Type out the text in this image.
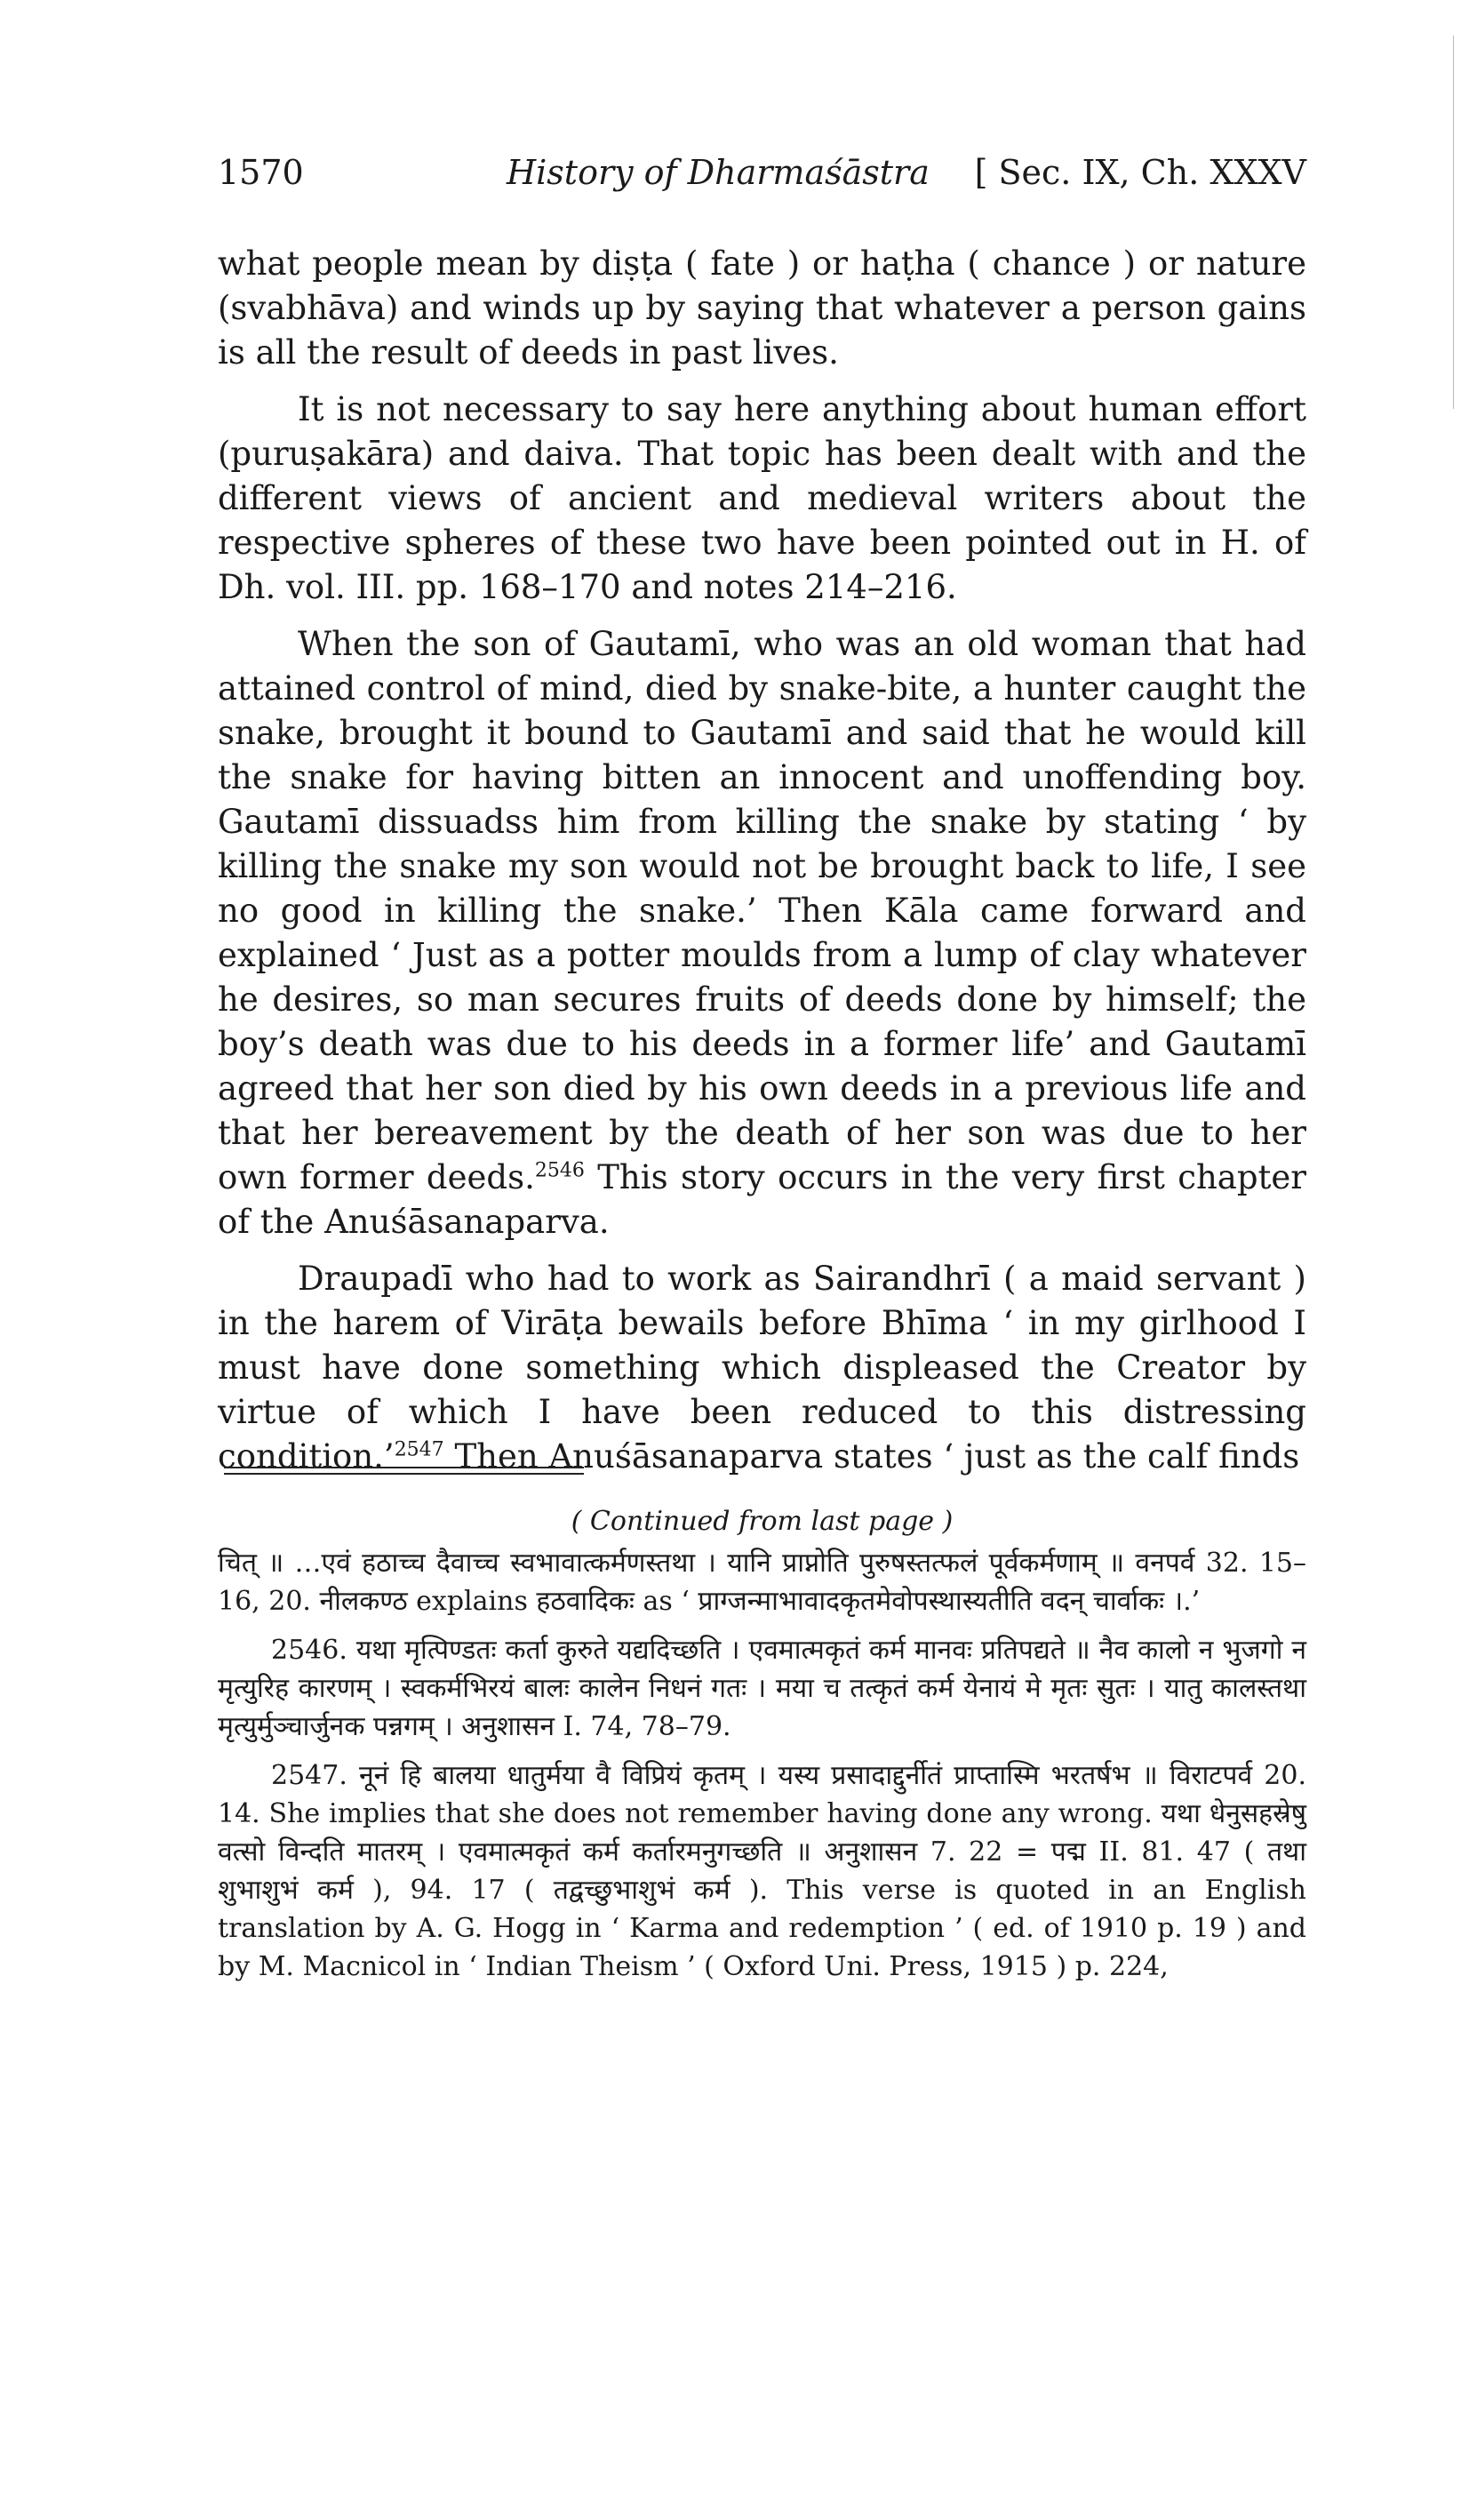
1570	History of Dharmaśāstra [ Sec. IX, Ch. XXXV

what people mean by diṣṭa ( fate ) or haṭha ( chance ) or nature (svabhāva) and winds up by saying that whatever a person gains is all the result of deeds in past lives.

It is not necessary to say here anything about human effort (puruṣakāra) and daiva. That topic has been dealt with and the different views of ancient and medieval writers about the respective spheres of these two have been pointed out in H. of Dh. vol. III. pp. 168–170 and notes 214–216.

When the son of Gautamī, who was an old woman that had attained control of mind, died by snake-bite, a hunter caught the snake, brought it bound to Gautamī and said that he would kill the snake for having bitten an innocent and unoffending boy. Gautamī dissuadss him from killing the snake by stating ‘ by killing the snake my son would not be brought back to life, I see no good in killing the snake.’ Then Kāla came forward and explained ‘ Just as a potter moulds from a lump of clay whatever he desires, so man secures fruits of deeds done by himself; the boy’s death was due to his deeds in a former life’ and Gautamī agreed that her son died by his own deeds in a previous life and that her bereavement by the death of her son was due to her own former deeds.$^{2546}$ This story occurs in the very first chapter of the Anuśāsanaparva.

Draupadī who had to work as Sairandhrī ( a maid servant ) in the harem of Virāṭa bewails before Bhīma ‘ in my girlhood I must have done something which displeased the Creator by virtue of which I have been reduced to this distressing condition.’$^{2547}$ Then Anuśāsanaparva states ‘ just as the calf finds

( Continued from last page )

चित् ॥ …एवं हठाच्च दैवाच्च स्वभावात्कर्मणस्तथा । यानि प्राप्नोति पुरुषस्तत्फलं पूर्वकर्मणाम् ॥ वनपर्व 32. 15–16, 20. नीलकण्ठ explains हठवादिकः as ‘ प्राग्जन्माभावादकृतमेवोपस्थास्यतीति वदन् चार्वाकः ।.’

2546. यथा मृत्पिण्डतः कर्ता कुरुते यद्यदिच्छति । एवमात्मकृतं कर्म मानवः प्रतिपद्यते ॥ नैव कालो न भुजगो न मृत्युरिह कारणम् । स्वकर्मभिरयं बालः कालेन निधनं गतः । मया च तत्कृतं कर्म येनायं मे मृतः सुतः । यातु कालस्तथा मृत्युर्मुञ्चार्जुनक पन्नगम् । अनुशासन I. 74, 78–79.

2547. नूनं हि बालया धातुर्मया वै विप्रियं कृतम् । यस्य प्रसादाद्दुर्नीतं प्राप्तास्मि भरतर्षभ ॥ विराटपर्व 20. 14. She implies that she does not remember having done any wrong. यथा धेनुसहस्रेषु वत्सो विन्दति मातरम् । एवमात्मकृतं कर्म कर्तारमनुगच्छति ॥ अनुशासन 7. 22 = पद्म II. 81. 47 ( तथा शुभाशुभं कर्म ), 94. 17 ( तद्वच्छुभाशुभं कर्म ). This verse is quoted in an English translation by A. G. Hogg in ‘ Karma and redemption ’ ( ed. of 1910 p. 19 ) and by M. Macnicol in ‘ Indian Theism ’ ( Oxford Uni. Press, 1915 ) p. 224,
